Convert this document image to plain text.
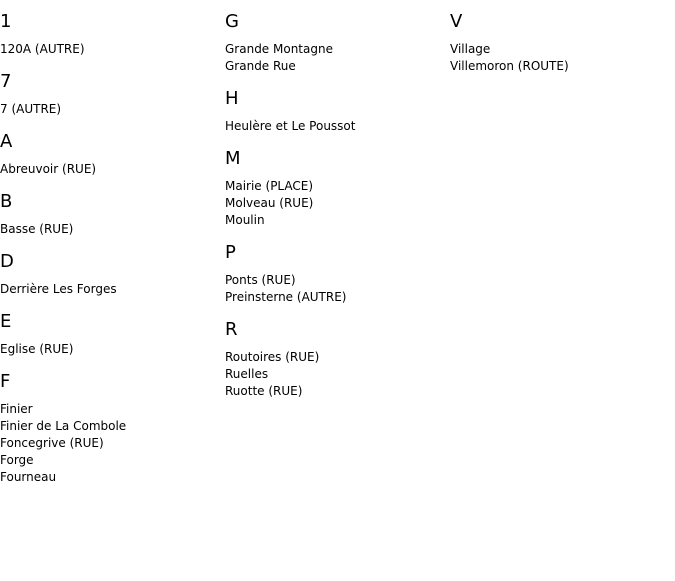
1
120A (AUTRE)
7
7 (AUTRE)
A
Abreuvoir (RUE)
B
Basse (RUE)
D
Derrière Les Forges
E
Eglise (RUE)
F
Finier
Finier de La Combole
Foncegrive (RUE)
Forge
Fourneau
G
Grande Montagne
Grande Rue
H
Heulère et Le Poussot
M
Mairie (PLACE)
Molveau (RUE)
Moulin
P
Ponts (RUE)
Preinsterne (AUTRE)
R
Routoires (RUE)
Ruelles
Ruotte (RUE)
V
Village
Villemoron (ROUTE)
